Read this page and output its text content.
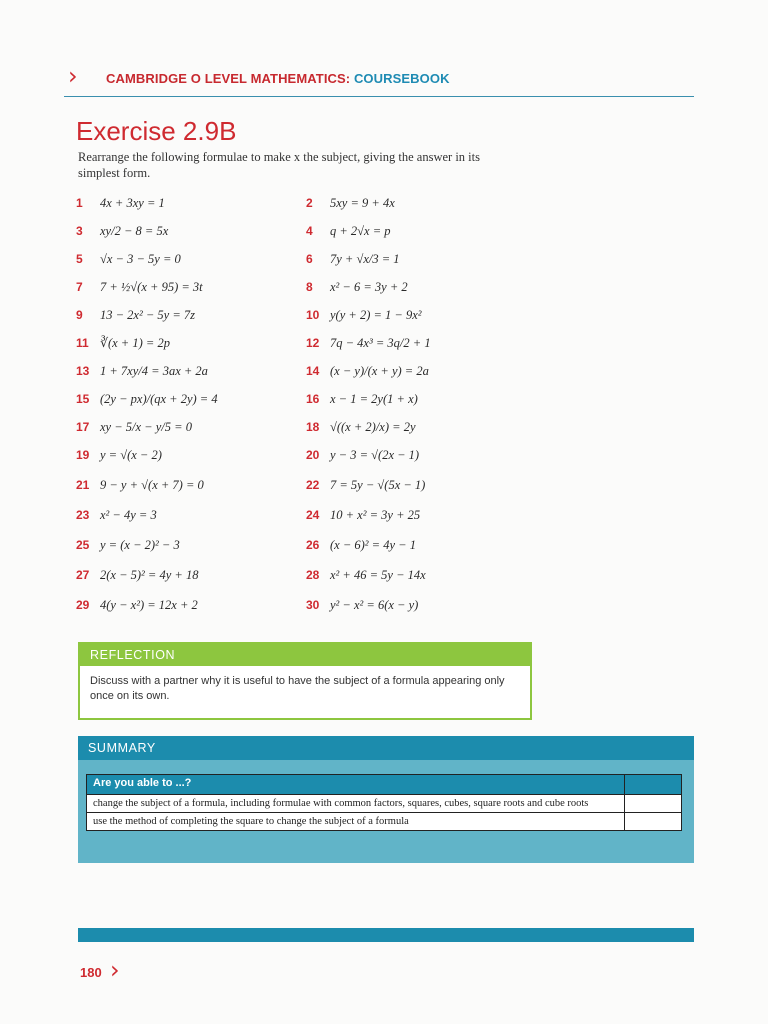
› CAMBRIDGE O LEVEL MATHEMATICS: COURSEBOOK
Exercise 2.9B

Rearrange the following formulae to make x the subject, giving the answer in its simplest form.

1 4x + 3xy = 1	2 5xy = 9 + 4x
3 xy/2 − 8 = 5x	4 q + 2√x = p
5 √x − 3 − 5y = 0	6 7y + √x/3 = 1
7 7 + ½√(x + 95) = 3t	8 x² − 6 = 3y + 2
9 13 − 2x² − 5y = 7z	10 y(y + 2) = 1 − 9x²
11 ∛(x + 1) = 2p	12 7q − 4x³ = 3q/2 + 1
13 1 + 7xy/4 = 3ax + 2a	14 (x − y)/(x + y) = 2a
15 (2y − px)/(qx + 2y) = 4	16 x − 1 = 2y(1 + x)
17 xy − 5/x − y/5 = 0	18 √((x + 2)/x) = 2y
19 y = √(x − 2)	20 y − 3 = √(2x − 1)
21 9 − y + √(x + 7) = 0	22 7 = 5y − √(5x − 1)
23 x² − 4y = 3	24 10 + x² = 3y + 25
25 y = (x − 2)² − 3	26 (x − 6)² = 4y − 1
27 2(x − 5)² = 4y + 18	28 x² + 46 = 5y − 14x
29 4(y − x²) = 12x + 2	30 y² − x² = 6(x − y)
REFLECTION
Discuss with a partner why it is useful to have the subject of a formula appearing only once on its own.
SUMMARY
Are you able to ...?	
change the subject of a formula, including formulae with common factors, squares, cubes, square roots and cube roots	
use the method of completing the square to change the subject of a formula	
180 ›
